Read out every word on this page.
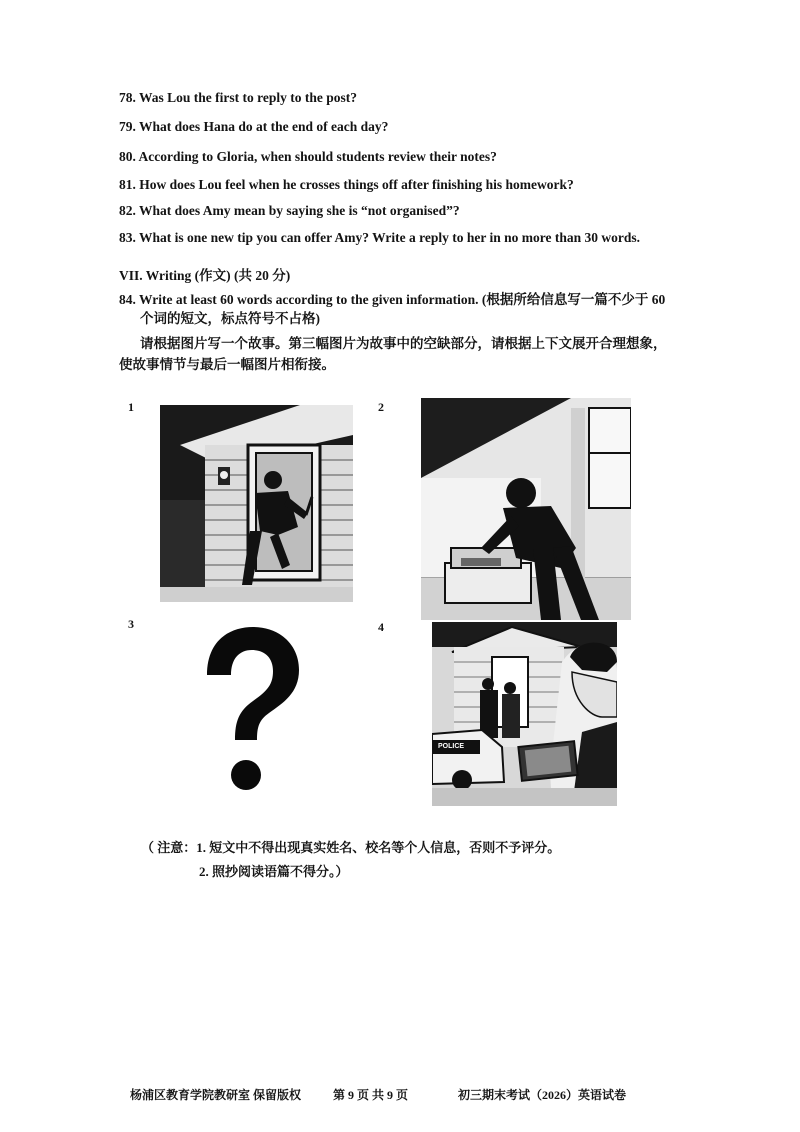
78. Was Lou the first to reply to the post?
79. What does Hana do at the end of each day?
80. According to Gloria, when should students review their notes?
81. How does Lou feel when he crosses things off after finishing his homework?
82. What does Amy mean by saying she is “not organised”?
83. What is one new tip you can offer Amy? Write a reply to her in no more than 30 words.
VII. Writing (作文) (共 20 分)
84. Write at least 60 words according to the given information. (根据所给信息写一篇不少于 60
个词的短文，标点符号不占格)
请根据图片写一个故事。第三幅图片为故事中的空缺部分，请根据上下文展开合理想象，
使故事情节与最后一幅图片相衔接。
1	2
3	4
POLICE
（ 注意：1. 短文中不得出现真实姓名、校名等个人信息，否则不予评分。
2. 照抄阅读语篇不得分。）
杨浦区教育学院教研室 保留版权	第 9 页 共 9 页	初三期末考试（2026）英语试卷
